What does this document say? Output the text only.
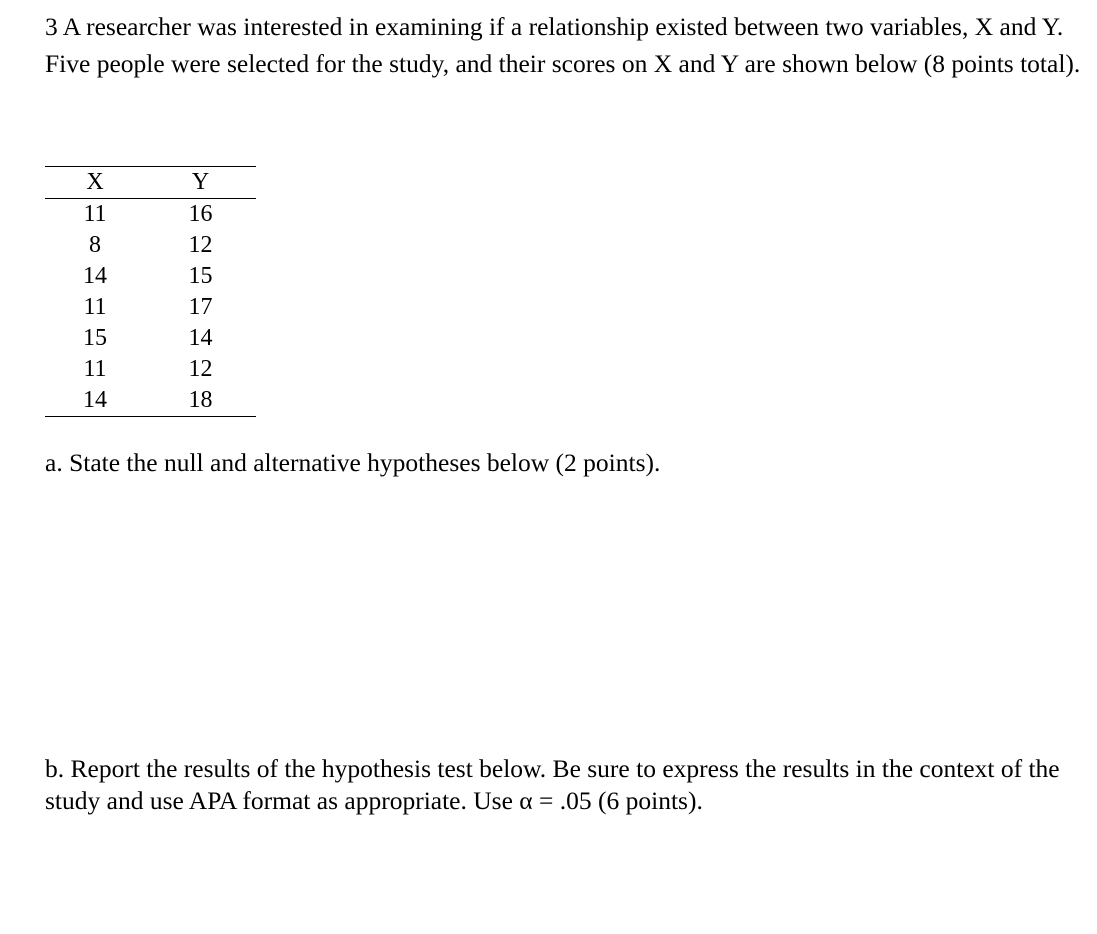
3 A researcher was interested in examining if a relationship existed between two variables, X and Y. Five people were selected for the study, and their scores on X and Y are shown below (8 points total).

X	Y
11	16
8	12
14	15
11	17
15	14
11	12
14	18

a. State the null and alternative hypotheses below (2 points).

b. Report the results of the hypothesis test below. Be sure to express the results in the context of the study and use APA format as appropriate. Use α = .05 (6 points).
